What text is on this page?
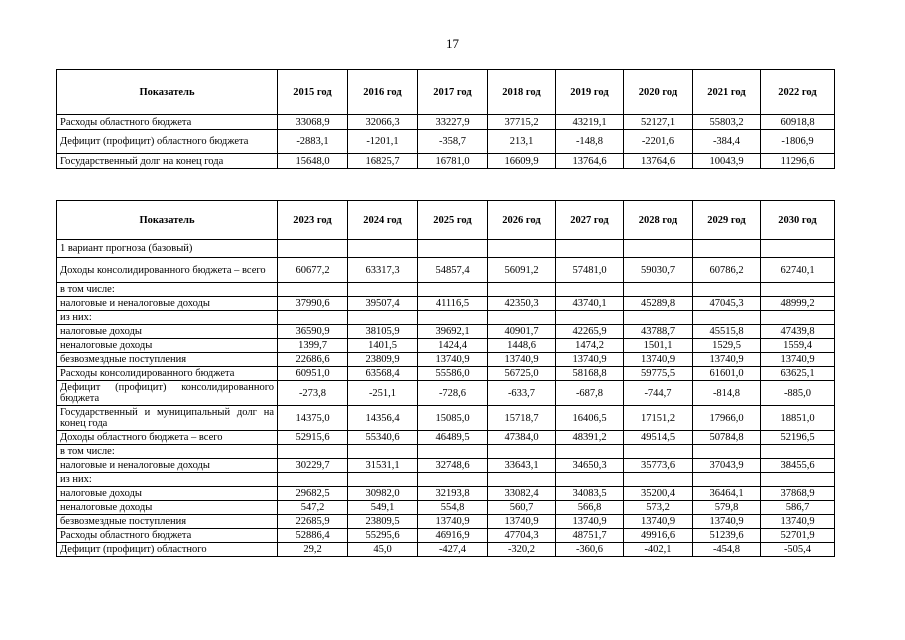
17
Показатель	2015 год	2016 год	2017 год	2018 год	2019 год	2020 год	2021 год	2022 год
Расходы областного бюджета	33068,9	32066,3	33227,9	37715,2	43219,1	52127,1	55803,2	60918,8
Дефицит (профицит) областного бюджета	-2883,1	-1201,1	-358,7	213,1	-148,8	-2201,6	-384,4	-1806,9
Государственный долг на конец года	15648,0	16825,7	16781,0	16609,9	13764,6	13764,6	10043,9	11296,6
Показатель	2023 год	2024 год	2025 год	2026 год	2027 год	2028 год	2029 год	2030 год
1 вариант прогноза (базовый)								
Доходы консолидированного бюджета – всего	60677,2	63317,3	54857,4	56091,2	57481,0	59030,7	60786,2	62740,1
в том числе:								
налоговые и неналоговые доходы	37990,6	39507,4	41116,5	42350,3	43740,1	45289,8	47045,3	48999,2
из них:								
налоговые доходы	36590,9	38105,9	39692,1	40901,7	42265,9	43788,7	45515,8	47439,8
неналоговые доходы	1399,7	1401,5	1424,4	1448,6	1474,2	1501,1	1529,5	1559,4
безвозмездные поступления	22686,6	23809,9	13740,9	13740,9	13740,9	13740,9	13740,9	13740,9
Расходы консолидированного бюджета	60951,0	63568,4	55586,0	56725,0	58168,8	59775,5	61601,0	63625,1
Дефицит (профицит) консолидированного бюджета	-273,8	-251,1	-728,6	-633,7	-687,8	-744,7	-814,8	-885,0
Государственный и муниципальный долг на конец года	14375,0	14356,4	15085,0	15718,7	16406,5	17151,2	17966,0	18851,0
Доходы областного бюджета – всего	52915,6	55340,6	46489,5	47384,0	48391,2	49514,5	50784,8	52196,5
в том числе:								
налоговые и неналоговые доходы	30229,7	31531,1	32748,6	33643,1	34650,3	35773,6	37043,9	38455,6
из них:								
налоговые доходы	29682,5	30982,0	32193,8	33082,4	34083,5	35200,4	36464,1	37868,9
неналоговые доходы	547,2	549,1	554,8	560,7	566,8	573,2	579,8	586,7
безвозмездные поступления	22685,9	23809,5	13740,9	13740,9	13740,9	13740,9	13740,9	13740,9
Расходы областного бюджета	52886,4	55295,6	46916,9	47704,3	48751,7	49916,6	51239,6	52701,9
Дефицит (профицит) областного	29,2	45,0	-427,4	-320,2	-360,6	-402,1	-454,8	-505,4
